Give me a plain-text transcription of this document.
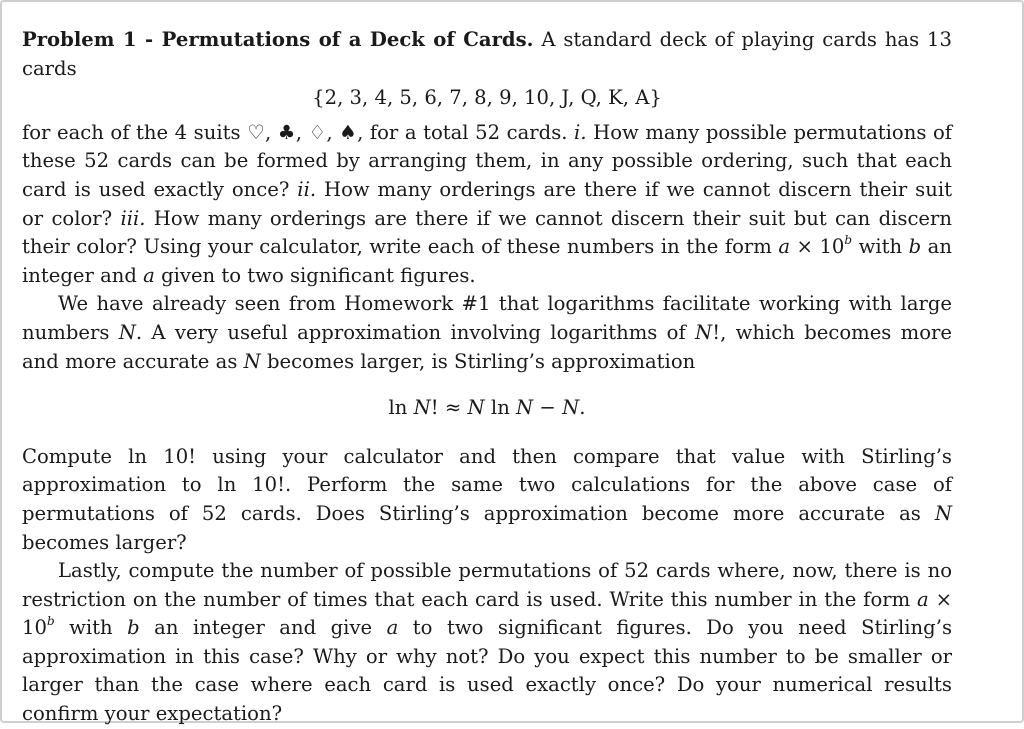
Problem 1 - Permutations of a Deck of Cards. A standard deck of playing cards has 13 cards

{2, 3, 4, 5, 6, 7, 8, 9, 10, J, Q, K, A}

for each of the 4 suits ♡, ♣, ♢, ♠, for a total 52 cards. i. How many possible permutations of these 52 cards can be formed by arranging them, in any possible ordering, such that each card is used exactly once? ii. How many orderings are there if we cannot discern their suit or color? iii. How many orderings are there if we cannot discern their suit but can discern their color? Using your calculator, write each of these numbers in the form $a \times 10^b$ with b an integer and a given to two significant figures.

We have already seen from Homework #1 that logarithms facilitate working with large numbers N. A very useful approximation involving logarithms of N!, which becomes more and more accurate as N becomes larger, is Stirling’s approximation

ln N! ≈ N ln N − N.

Compute ln 10! using your calculator and then compare that value with Stirling’s approximation to ln 10!. Perform the same two calculations for the above case of permutations of 52 cards. Does Stirling’s approximation become more accurate as N becomes larger?

Lastly, compute the number of possible permutations of 52 cards where, now, there is no restriction on the number of times that each card is used. Write this number in the form $a \times 10^b$ with b an integer and give a to two significant figures. Do you need Stirling’s approximation in this case? Why or why not? Do you expect this number to be smaller or larger than the case where each card is used exactly once? Do your numerical results confirm your expectation?
